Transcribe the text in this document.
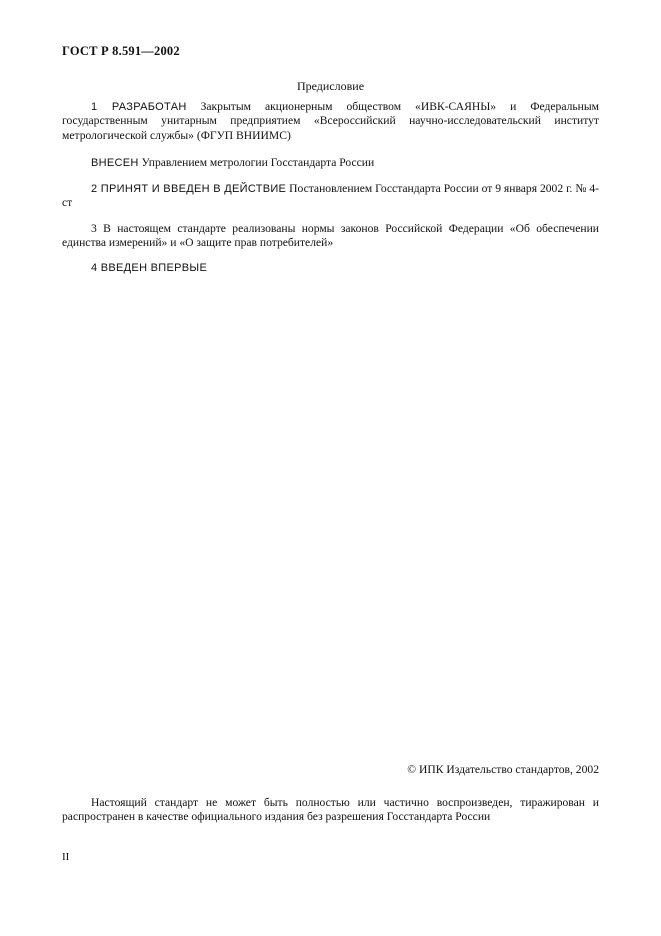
ГОСТ Р 8.591—2002
Предисловие

1 РАЗРАБОТАН Закрытым акционерным обществом «ИВК-САЯНЫ» и Федеральным государственным унитарным предприятием «Всероссийский научно-исследовательский институт метрологической службы» (ФГУП ВНИИМС)

ВНЕСЕН Управлением метрологии Госстандарта России

2 ПРИНЯТ И ВВЕДЕН В ДЕЙСТВИЕ Постановлением Госстандарта России от 9 января 2002 г. № 4-ст

3 В настоящем стандарте реализованы нормы законов Российской Федерации «Об обеспечении единства измерений» и «О защите прав потребителей»

4 ВВЕДЕН ВПЕРВЫЕ

© ИПК Издательство стандартов, 2002

Настоящий стандарт не может быть полностью или частично воспроизведен, тиражирован и распространен в качестве официального издания без разрешения Госстандарта России

II
